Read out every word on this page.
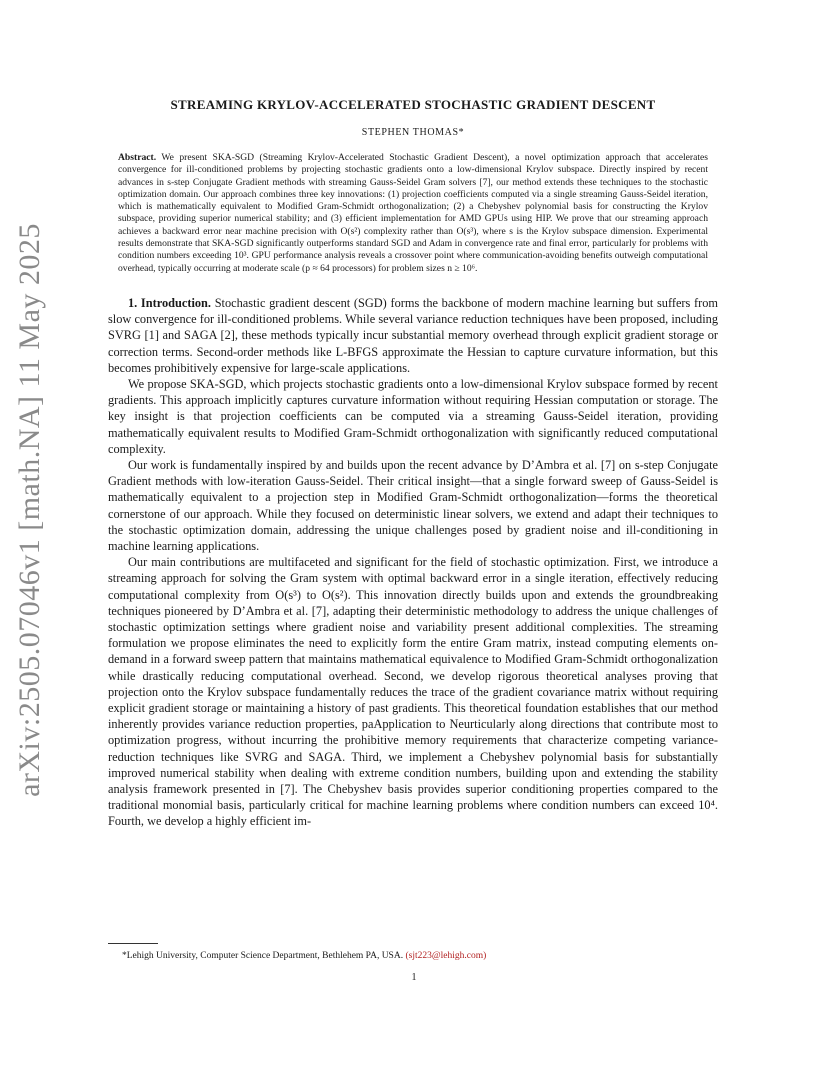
arXiv:2505.07046v1 [math.NA] 11 May 2025
STREAMING KRYLOV-ACCELERATED STOCHASTIC GRADIENT DESCENT
STEPHEN THOMAS*
Abstract. We present SKA-SGD (Streaming Krylov-Accelerated Stochastic Gradient Descent), a novel optimization approach that accelerates convergence for ill-conditioned problems by projecting stochastic gradients onto a low-dimensional Krylov subspace. Directly inspired by recent advances in s-step Conjugate Gradient methods with streaming Gauss-Seidel Gram solvers [7], our method extends these techniques to the stochastic optimization domain. Our approach combines three key innovations: (1) projection coefficients computed via a single streaming Gauss-Seidel iteration, which is mathematically equivalent to Modified Gram-Schmidt orthogonalization; (2) a Chebyshev polynomial basis for constructing the Krylov subspace, providing superior numerical stability; and (3) efficient implementation for AMD GPUs using HIP. We prove that our streaming approach achieves a backward error near machine precision with O(s²) complexity rather than O(s³), where s is the Krylov subspace dimension. Experimental results demonstrate that SKA-SGD significantly outperforms standard SGD and Adam in convergence rate and final error, particularly for problems with condition numbers exceeding 10³. GPU performance analysis reveals a crossover point where communication-avoiding benefits outweigh computational overhead, typically occurring at moderate scale (p ≈ 64 processors) for problem sizes n ≥ 10⁶.

1. Introduction. Stochastic gradient descent (SGD) forms the backbone of modern machine learning but suffers from slow convergence for ill-conditioned problems. While several variance reduction techniques have been proposed, including SVRG [1] and SAGA [2], these methods typically incur substantial memory overhead through explicit gradient storage or correction terms. Second-order methods like L-BFGS approximate the Hessian to capture curvature information, but this becomes prohibitively expensive for large-scale applications.

We propose SKA-SGD, which projects stochastic gradients onto a low-dimensional Krylov subspace formed by recent gradients. This approach implicitly captures curvature information without requiring Hessian computation or storage. The key insight is that projection coefficients can be computed via a streaming Gauss-Seidel iteration, providing mathematically equivalent results to Modified Gram-Schmidt orthogonalization with significantly reduced computational complexity.

Our work is fundamentally inspired by and builds upon the recent advance by D’Ambra et al. [7] on s-step Conjugate Gradient methods with low-iteration Gauss-Seidel. Their critical insight—that a single forward sweep of Gauss-Seidel is mathematically equivalent to a projection step in Modified Gram-Schmidt orthogonalization—forms the theoretical cornerstone of our approach. While they focused on deterministic linear solvers, we extend and adapt their techniques to the stochastic optimization domain, addressing the unique challenges posed by gradient noise and ill-conditioning in machine learning applications.

Our main contributions are multifaceted and significant for the field of stochastic optimization. First, we introduce a streaming approach for solving the Gram system with optimal backward error in a single iteration, effectively reducing computational complexity from O(s³) to O(s²). This innovation directly builds upon and extends the groundbreaking techniques pioneered by D’Ambra et al. [7], adapting their deterministic methodology to address the unique challenges of stochastic optimization settings where gradient noise and variability present additional complexities. The streaming formulation we propose eliminates the need to explicitly form the entire Gram matrix, instead computing elements on-demand in a forward sweep pattern that maintains mathematical equivalence to Modified Gram-Schmidt orthogonalization while drastically reducing computational overhead. Second, we develop rigorous theoretical analyses proving that projection onto the Krylov subspace fundamentally reduces the trace of the gradient covariance matrix without requiring explicit gradient storage or maintaining a history of past gradients. This theoretical foundation establishes that our method inherently provides variance reduction properties, paApplication to Neurticularly along directions that contribute most to optimization progress, without incurring the prohibitive memory requirements that characterize competing variance-reduction techniques like SVRG and SAGA. Third, we implement a Chebyshev polynomial basis for substantially improved numerical stability when dealing with extreme condition numbers, building upon and extending the stability analysis framework presented in [7]. The Chebyshev basis provides superior conditioning properties compared to the traditional monomial basis, particularly critical for machine learning problems where condition numbers can exceed 10⁴. Fourth, we develop a highly efficient im-

*Lehigh University, Computer Science Department, Bethlehem PA, USA. (sjt223@lehigh.com)
1
